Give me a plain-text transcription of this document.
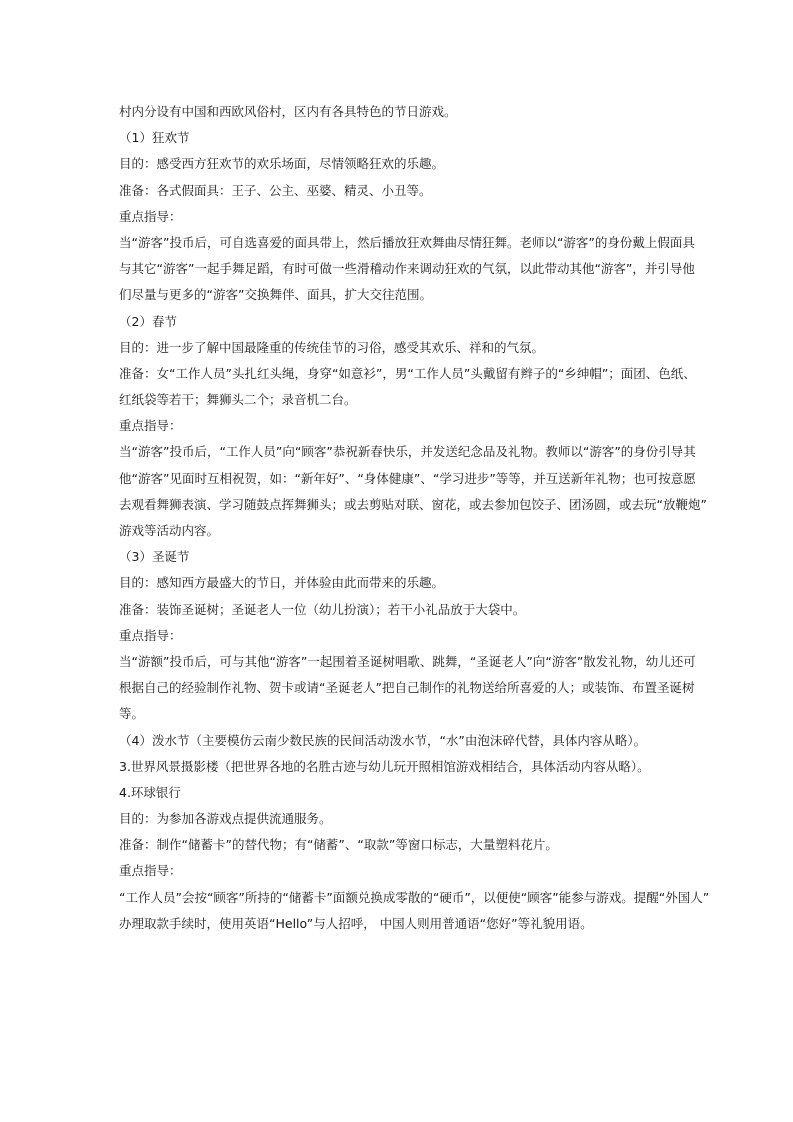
村内分设有中国和西欧风俗村，区内有各具特色的节日游戏。
（1）狂欢节
目的：感受西方狂欢节的欢乐场面，尽情领略狂欢的乐趣。
准备：各式假面具：王子、公主、巫婆、精灵、小丑等。
重点指导：
当“游客”投币后，可自选喜爱的面具带上，然后播放狂欢舞曲尽情狂舞。老师以“游客”的身份戴上假面具
与其它“游客”一起手舞足蹈，有时可做一些滑稽动作来调动狂欢的气氛，以此带动其他“游客”，并引导他
们尽量与更多的“游客”交换舞伴、面具，扩大交往范围。
（2）春节
目的：进一步了解中国最隆重的传统佳节的习俗，感受其欢乐、祥和的气氛。
准备：女“工作人员”头扎红头绳，身穿“如意衫”，男“工作人员”头戴留有辫子的“乡绅帽”；面团、色纸、
红纸袋等若干；舞狮头二个；录音机二台。
重点指导：
当“游客”投币后，“工作人员”向“顾客”恭祝新春快乐，并发送纪念品及礼物。教师以“游客”的身份引导其
他“游客”见面时互相祝贺，如：“新年好”、“身体健康”、“学习进步”等等，并互送新年礼物；也可按意愿
去观看舞狮表演、学习随鼓点挥舞狮头；或去剪贴对联、窗花，或去参加包饺子、团汤圆，或去玩“放鞭炮”
游戏等活动内容。
（3）圣诞节
目的：感知西方最盛大的节日，并体验由此而带来的乐趣。
准备：装饰圣诞树；圣诞老人一位（幼儿扮演）；若干小礼品放于大袋中。
重点指导：
当“游额”投币后，可与其他“游客”一起围着圣诞树唱歌、跳舞，“圣诞老人”向“游客”散发礼物，幼儿还可
根据自己的经验制作礼物、贺卡或请“圣诞老人”把自己制作的礼物送给所喜爱的人；或装饰、布置圣诞树
等。
（4）泼水节（主要模仿云南少数民族的民间活动泼水节，“水”由泡沫碎代替，具体内容从略）。
3.世界风景摄影楼（把世界各地的名胜古迹与幼儿玩开照相馆游戏相结合，具体活动内容从略）。
4.环球银行
目的：为参加各游戏点提供流通服务。
准备：制作“储蓄卡”的替代物；有“储蓄”、“取款”等窗口标志，大量塑料花片。
重点指导：
“工作人员”会按“顾客”所持的“储蓄卡”面额兑换成零散的“硬币”，以便使“顾客”能参与游戏。提醒“外国人”
办理取款手续时，使用英语“Hello”与人招呼， 中国人则用普通语“您好”等礼貌用语。
